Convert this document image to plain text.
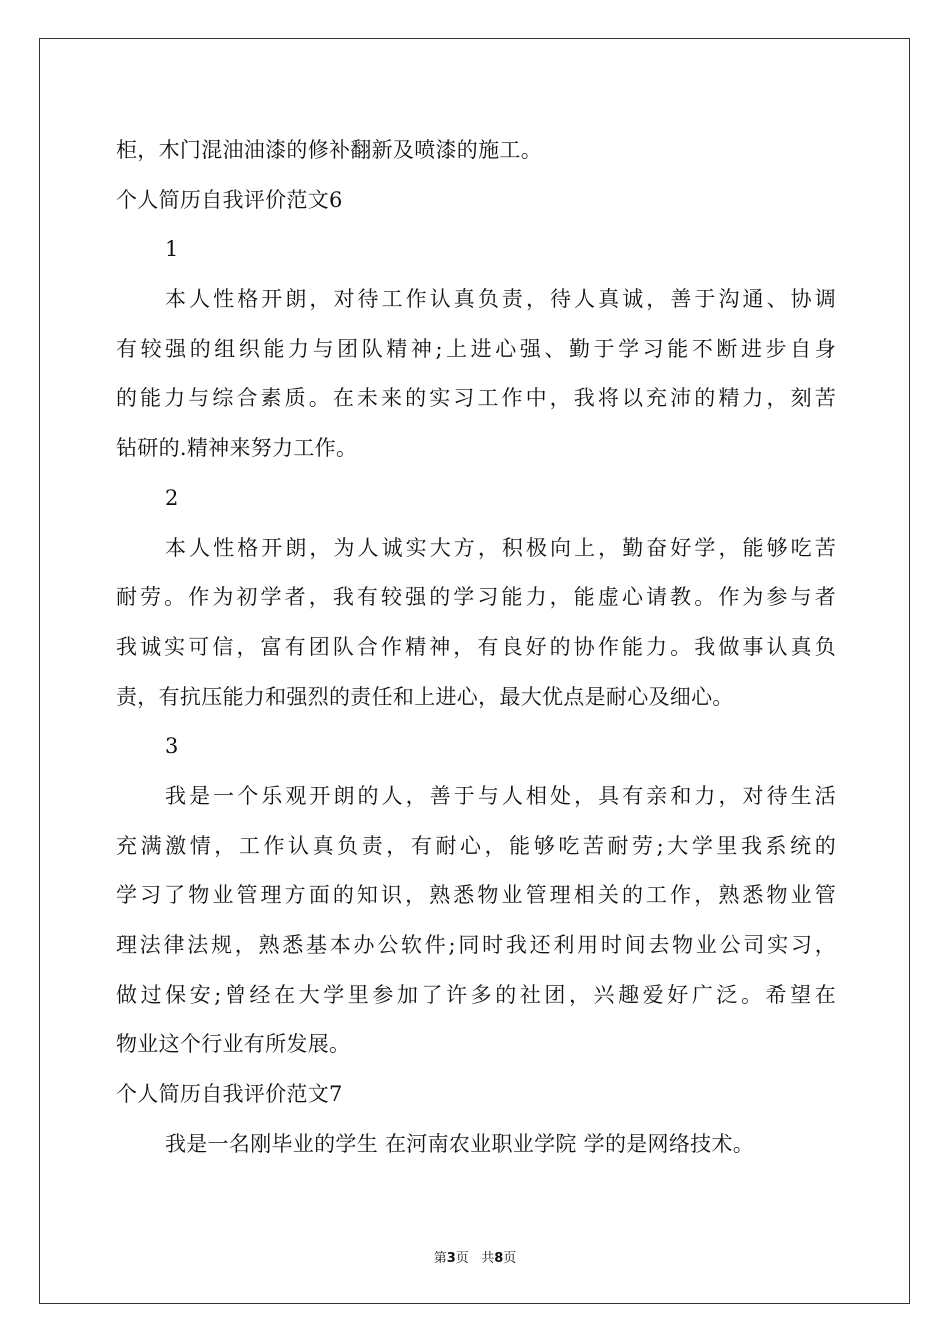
柜，木门混油油漆的修补翻新及喷漆的施工。
个人简历自我评价范文6
1
本人性格开朗，对待工作认真负责，待人真诚，善于沟通、协调
有较强的组织能力与团队精神;上进心强、勤于学习能不断进步自身
的能力与综合素质。在未来的实习工作中，我将以充沛的精力，刻苦
钻研的.精神来努力工作。
2
本人性格开朗，为人诚实大方，积极向上，勤奋好学，能够吃苦
耐劳。作为初学者，我有较强的学习能力，能虚心请教。作为参与者
我诚实可信，富有团队合作精神，有良好的协作能力。我做事认真负
责，有抗压能力和强烈的责任和上进心，最大优点是耐心及细心。
3
我是一个乐观开朗的人，善于与人相处，具有亲和力，对待生活
充满激情，工作认真负责，有耐心，能够吃苦耐劳;大学里我系统的
学习了物业管理方面的知识，熟悉物业管理相关的工作，熟悉物业管
理法律法规，熟悉基本办公软件;同时我还利用时间去物业公司实习，
做过保安;曾经在大学里参加了许多的社团，兴趣爱好广泛。希望在
物业这个行业有所发展。
个人简历自我评价范文7
我是一名刚毕业的学生 在河南农业职业学院 学的是网络技术。
第3页 共8页
